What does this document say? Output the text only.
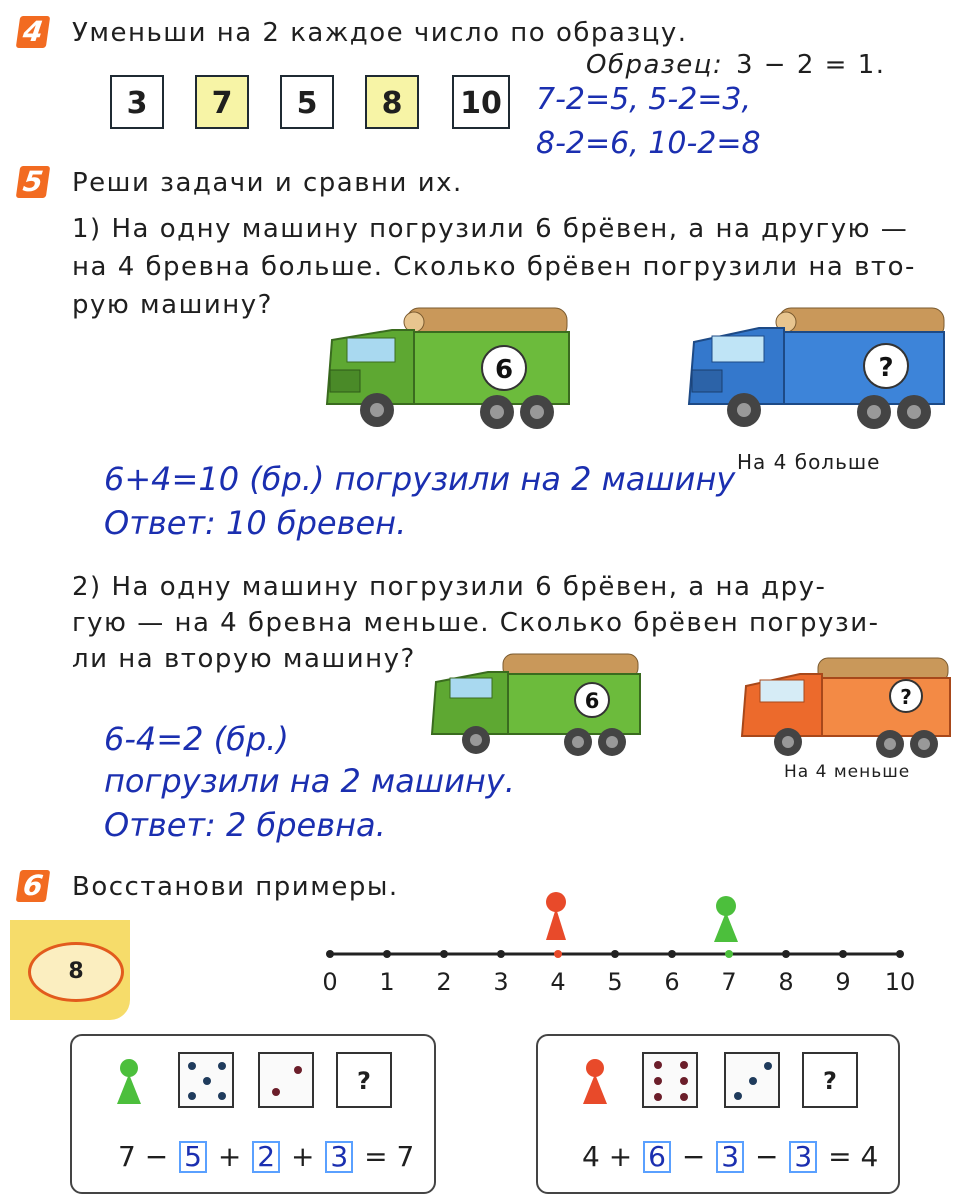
4 Уменьши на 2 каждое число по образцу.
Образец: 3 − 2 = 1.
3	7	5	8	10 7-2=5, 5-2=3,
8-2=6, 10-2=8
5 Реши задачи и сравни их.
1) На одну машину погрузили 6 брёвен, а на другую —
на 4 бревна больше. Сколько брёвен погрузили на вто-
рую машину?
6	?
На 4 больше
6+4=10 (бр.) погрузили на 2 машину
Ответ: 10 бревен.
2) На одну машину погрузили 6 брёвен, а на дру-
гую — на 4 бревна меньше. Сколько брёвен погрузи-
ли на вторую машину?
6	?
На 4 меньше
6-4=2 (бр.)
погрузили на 2 машину.
Ответ: 2 бревна.
6 Восстанови примеры.
8	0	1	2	3	4	5	6	7	8	9	10
?
7 − 5 + 2 + 3 = 7
?
4 + 6 − 3 − 3 = 4
